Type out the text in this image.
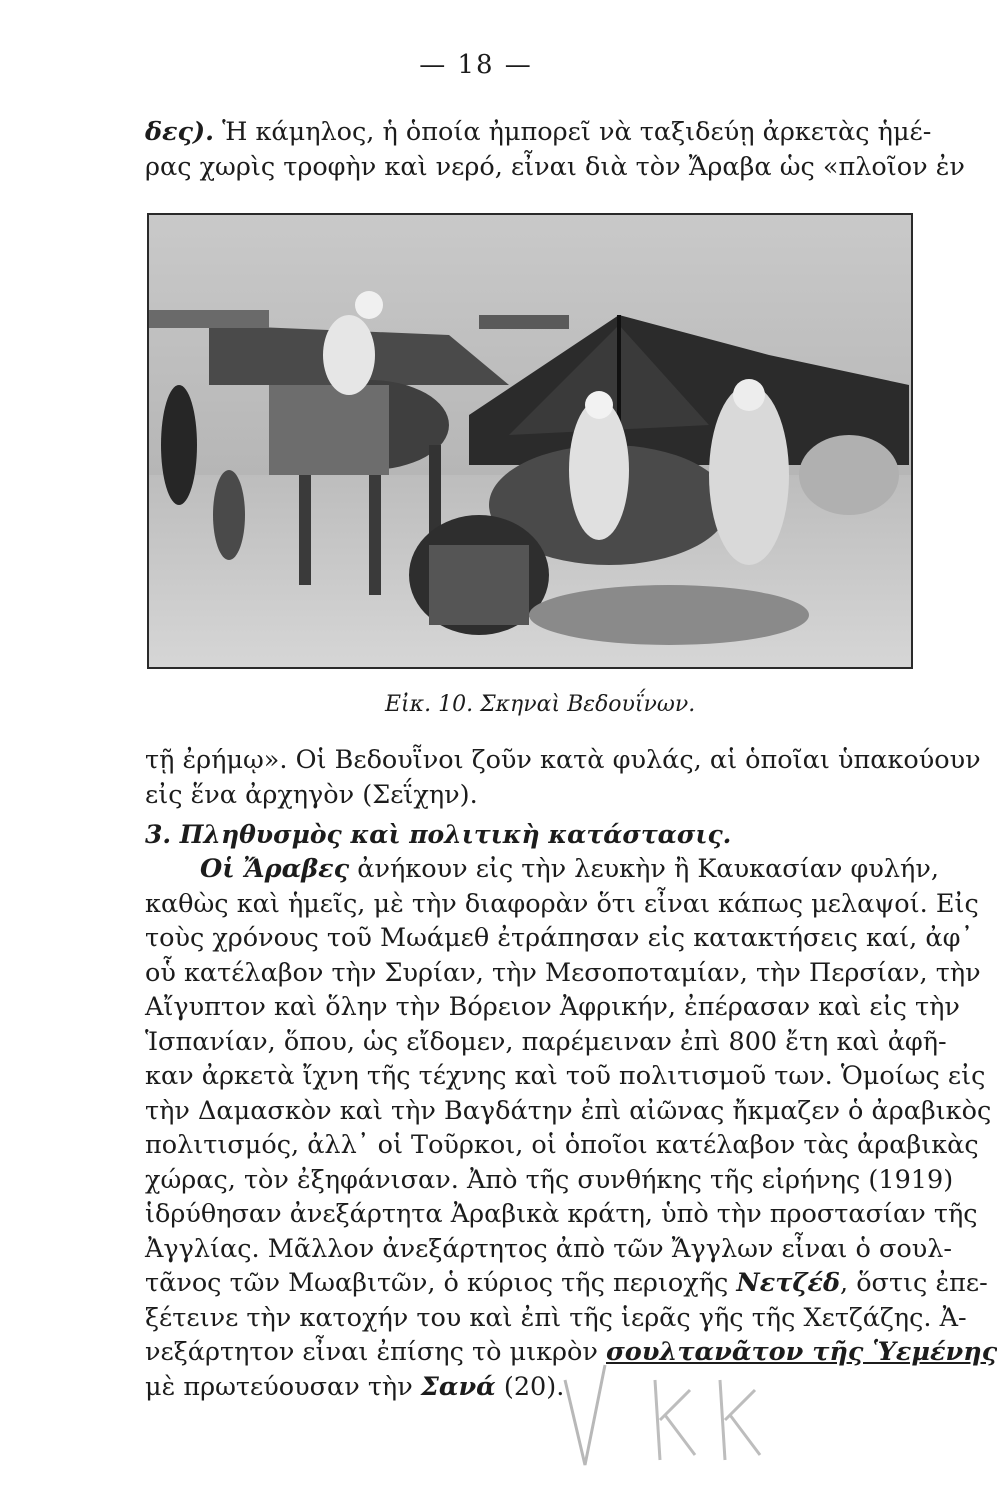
— 18 —
δες). Ἡ κάμηλος, ἡ ὁποία ἠμπορεῖ νὰ ταξιδεύῃ ἀρκετὰς ἡμέ-
ρας χωρὶς τροφὴν καὶ νερό, εἶναι διὰ τὸν Ἄραβα ὡς «πλοῖον ἐν
Εἰκ. 10. Σκηναὶ Βεδουΐνων.
τῇ ἐρήμῳ». Οἱ Βεδουῗνοι ζοῦν κατὰ φυλάς, αἱ ὁποῖαι ὑπακούουν
εἰς ἕνα ἀρχηγὸν (Σεΐχην).
3. Πληθυσμὸς καὶ πολιτικὴ κατάστασις.
Οἱ Ἄραβες ἀνήκουν εἰς τὴν λευκὴν ἢ Καυκασίαν φυλήν,
καθὼς καὶ ἡμεῖς, μὲ τὴν διαφορὰν ὅτι εἶναι κάπως μελαψοί. Εἰς
τοὺς χρόνους τοῦ Μωάμεθ ἐτράπησαν εἰς κατακτήσεις καί, ἀφ᾽
οὗ κατέλαβον τὴν Συρίαν, τὴν Μεσοποταμίαν, τὴν Περσίαν, τὴν
Αἴγυπτον καὶ ὅλην τὴν Βόρειον Ἀφρικήν, ἐπέρασαν καὶ εἰς τὴν
Ἱσπανίαν, ὅπου, ὡς εἴδομεν, παρέμειναν ἐπὶ 800 ἔτη καὶ ἀφῆ-
καν ἀρκετὰ ἴχνη τῆς τέχνης καὶ τοῦ πολιτισμοῦ των. Ὁμοίως εἰς
τὴν Δαμασκὸν καὶ τὴν Βαγδάτην ἐπὶ αἰῶνας ἤκμαζεν ὁ ἀραβικὸς
πολιτισμός, ἀλλ᾽ οἱ Τοῦρκοι, οἱ ὁποῖοι κατέλαβον τὰς ἀραβικὰς
χώρας, τὸν ἐξηφάνισαν. Ἀπὸ τῆς συνθήκης τῆς εἰρήνης (1919)
ἱδρύθησαν ἀνεξάρτητα Ἀραβικὰ κράτη, ὑπὸ τὴν προστασίαν τῆς
Ἀγγλίας. Μᾶλλον ἀνεξάρτητος ἀπὸ τῶν Ἄγγλων εἶναι ὁ σουλ-
τᾶνος τῶν Μωαβιτῶν, ὁ κύριος τῆς περιοχῆς Νετζέδ, ὅστις ἐπε-
ξέτεινε τὴν κατοχήν του καὶ ἐπὶ τῆς ἱερᾶς γῆς τῆς Χετζάζης. Ἀ-
νεξάρτητον εἶναι ἐπίσης τὸ μικρὸν σουλτανᾶτον τῆς Ὑεμένης
μὲ πρωτεύουσαν τὴν Σανά (20).
